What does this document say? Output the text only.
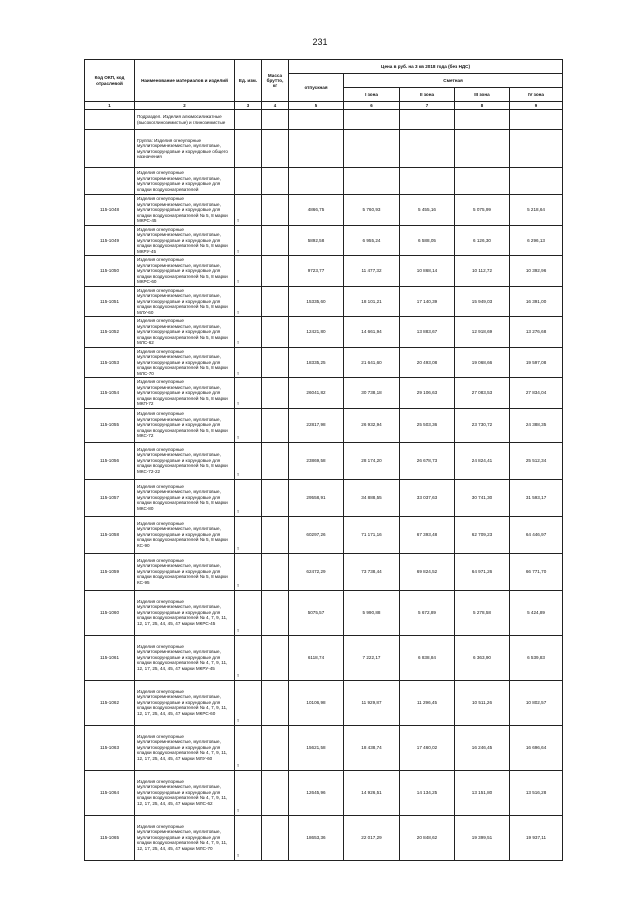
231
Код ОКП, код отраслевой	Наименование материалов и изделий	Ед. изм.	Масса брутто, кг	Цена в руб. на 3 кв 2018 года (без НДС)				
				отпускная	Сметная			
					I зона	II зона	III зона	IV зона
1	2	3	4	5	6	7	8	9
	Подраздел. Изделия алюмосиликатные (высокоглиноземистые) и глиноземистые							
	Группа: Изделия огнеупорные муллитокремнеземистые, муллитовые, муллитокорундовые и корундовые общего назначения							
	Изделия огнеупорные муллитокремнеземистые, муллитовые, муллитокорундовые и корундовые для кладки воздухонагревателей							
115-1048	Изделия огнеупорные муллитокремнеземистые, муллитовые, муллитокорундовые и корундовые для кладки воздухонагревателей № 5, 8 марки МКРС-45	т		4866,75	5 760,93	5 455,16	5 075,99	5 218,64
115-1049	Изделия огнеупорные муллитокремнеземистые, муллитовые, муллитокорундовые и корундовые для кладки воздухонагревателей № 5, 8 марки МКРУ-45	т		5892,58	6 955,24	6 588,05	6 126,30	6 296,13
115-1050	Изделия огнеупорные муллитокремнеземистые, муллитовые, муллитокорундовые и корундовые для кладки воздухонагревателей № 5, 8 марки МКРС-60	т		9723,77	11 477,32	10 868,14	10 112,72	10 392,96
115-1051	Изделия огнеупорные муллитокремнеземистые, муллитовые, муллитокорундовые и корундовые для кладки воздухонагревателей № 5, 8 марки МЛУ-60	т		15335,60	18 101,21	17 140,39	15 949,03	16 391,00
115-1052	Изделия огнеупорные муллитокремнеземистые, муллитовые, муллитокорундовые и корундовые для кладки воздухонагревателей № 5, 8 марки МЛС-62	т		12421,80	14 661,94	13 883,67	12 918,69	13 276,68
115-1053	Изделия огнеупорные муллитокремнеземистые, муллитовые, муллитокорундовые и корундовые для кладки воздухонагревателей № 5, 8 марки МЛС-70	т		18335,25	21 641,60	20 493,08	19 068,66	19 597,08
115-1054	Изделия огнеупорные муллитокремнеземистые, муллитовые, муллитокорундовые и корундовые для кладки воздухонагревателей № 5, 8 марки МКП-72	т		26041,82	30 738,18	29 106,63	27 083,53	27 834,04
115-1055	Изделия огнеупорные муллитокремнеземистые, муллитовые, муллитокорундовые и корундовые для кладки воздухонагревателей № 5, 8 марки МКС-72	т		22817,98	26 932,94	25 503,36	23 730,72	24 388,35
115-1056	Изделия огнеупорные муллитокремнеземистые, муллитовые, муллитокорундовые и корундовые для кладки воздухонагревателей № 5, 8 марки МКС-72-22	т		23869,58	28 174,20	26 678,73	24 824,41	25 512,34
115-1057	Изделия огнеупорные муллитокремнеземистые, муллитовые, муллитокорундовые и корундовые для кладки воздухонагревателей № 5, 8 марки МКС-80	т		29558,91	34 888,55	33 037,63	30 741,30	31 593,17
115-1058	Изделия огнеупорные муллитокремнеземистые, муллитовые, муллитокорундовые и корундовые для кладки воздухонагревателей № 5, 8 марки КС-90	т		60297,26	71 171,16	67 393,48	62 709,23	64 446,97
115-1059	Изделия огнеупорные муллитокремнеземистые, муллитовые, муллитокорундовые и корундовые для кладки воздухонагревателей № 5, 8 марки КС-95	т		62472,29	73 738,44	69 824,52	64 971,26	66 771,70
115-1060	Изделия огнеупорные муллитокремнеземистые, муллитовые, муллитокорундовые и корундовые для кладки воздухонагревателей № 4, 7, 9, 11, 12, 17, 25, 44, 45, 47 марки МКРС-45	т		5075,57	5 990,88	5 672,89	5 278,58	5 424,89
115-1061	Изделия огнеупорные муллитокремнеземистые, муллитовые, муллитокорундовые и корундовые для кладки воздухонагревателей № 4, 7, 9, 11, 12, 17, 25, 44, 45, 47 марки МКРУ-45	т		6118,74	7 222,17	6 838,84	6 363,90	6 539,83
115-1062	Изделия огнеупорные муллитокремнеземистые, муллитовые, муллитокорундовые и корундовые для кладки воздухонагревателей № 4, 7, 9, 11, 12, 17, 25, 44, 45, 47 марки МКРС-60	т		10106,98	11 929,87	11 296,45	10 511,26	10 802,57
115-1063	Изделия огнеупорные муллитокремнеземистые, муллитовые, муллитокорундовые и корундовые для кладки воздухонагревателей № 4, 7, 9, 11, 12, 17, 25, 44, 45, 47 марки МЛУ-60	т		15621,58	18 438,74	17 460,02	16 246,45	16 696,64
115-1064	Изделия огнеупорные муллитокремнеземистые, муллитовые, муллитокорундовые и корундовые для кладки воздухонагревателей № 4, 7, 9, 11, 12, 17, 25, 44, 45, 47 марки МЛС-62	т		12645,96	14 926,51	14 134,25	13 151,80	13 516,28
115-1065	Изделия огнеупорные муллитокремнеземистые, муллитовые, муллитокорундовые и корундовые для кладки воздухонагревателей № 4, 7, 9, 11, 12, 17, 25, 44, 45, 47 марки МЛС-70	т		18653,36	22 017,29	20 848,62	19 399,51	19 937,11
